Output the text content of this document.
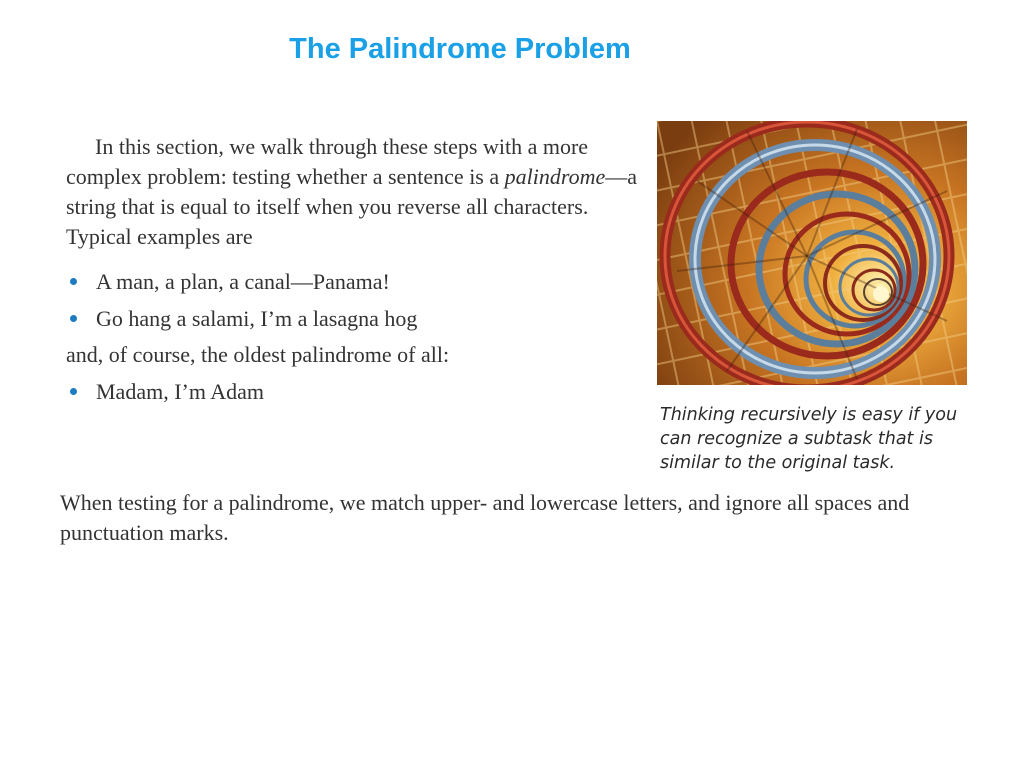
The Palindrome Problem

In this section, we walk through these steps with a more complex problem: testing whether a sentence is a palindrome—a string that is equal to itself when you reverse all characters. Typical examples are

A man, a plan, a canal—Panama!
Go hang a salami, I’m a lasagna hog

and, of course, the oldest palindrome of all:

Madam, I’m Adam

Thinking recursively is easy if you can recognize a subtask that is similar to the original task.

When testing for a palindrome, we match upper- and lowercase letters, and ignore all spaces and punctuation marks.
